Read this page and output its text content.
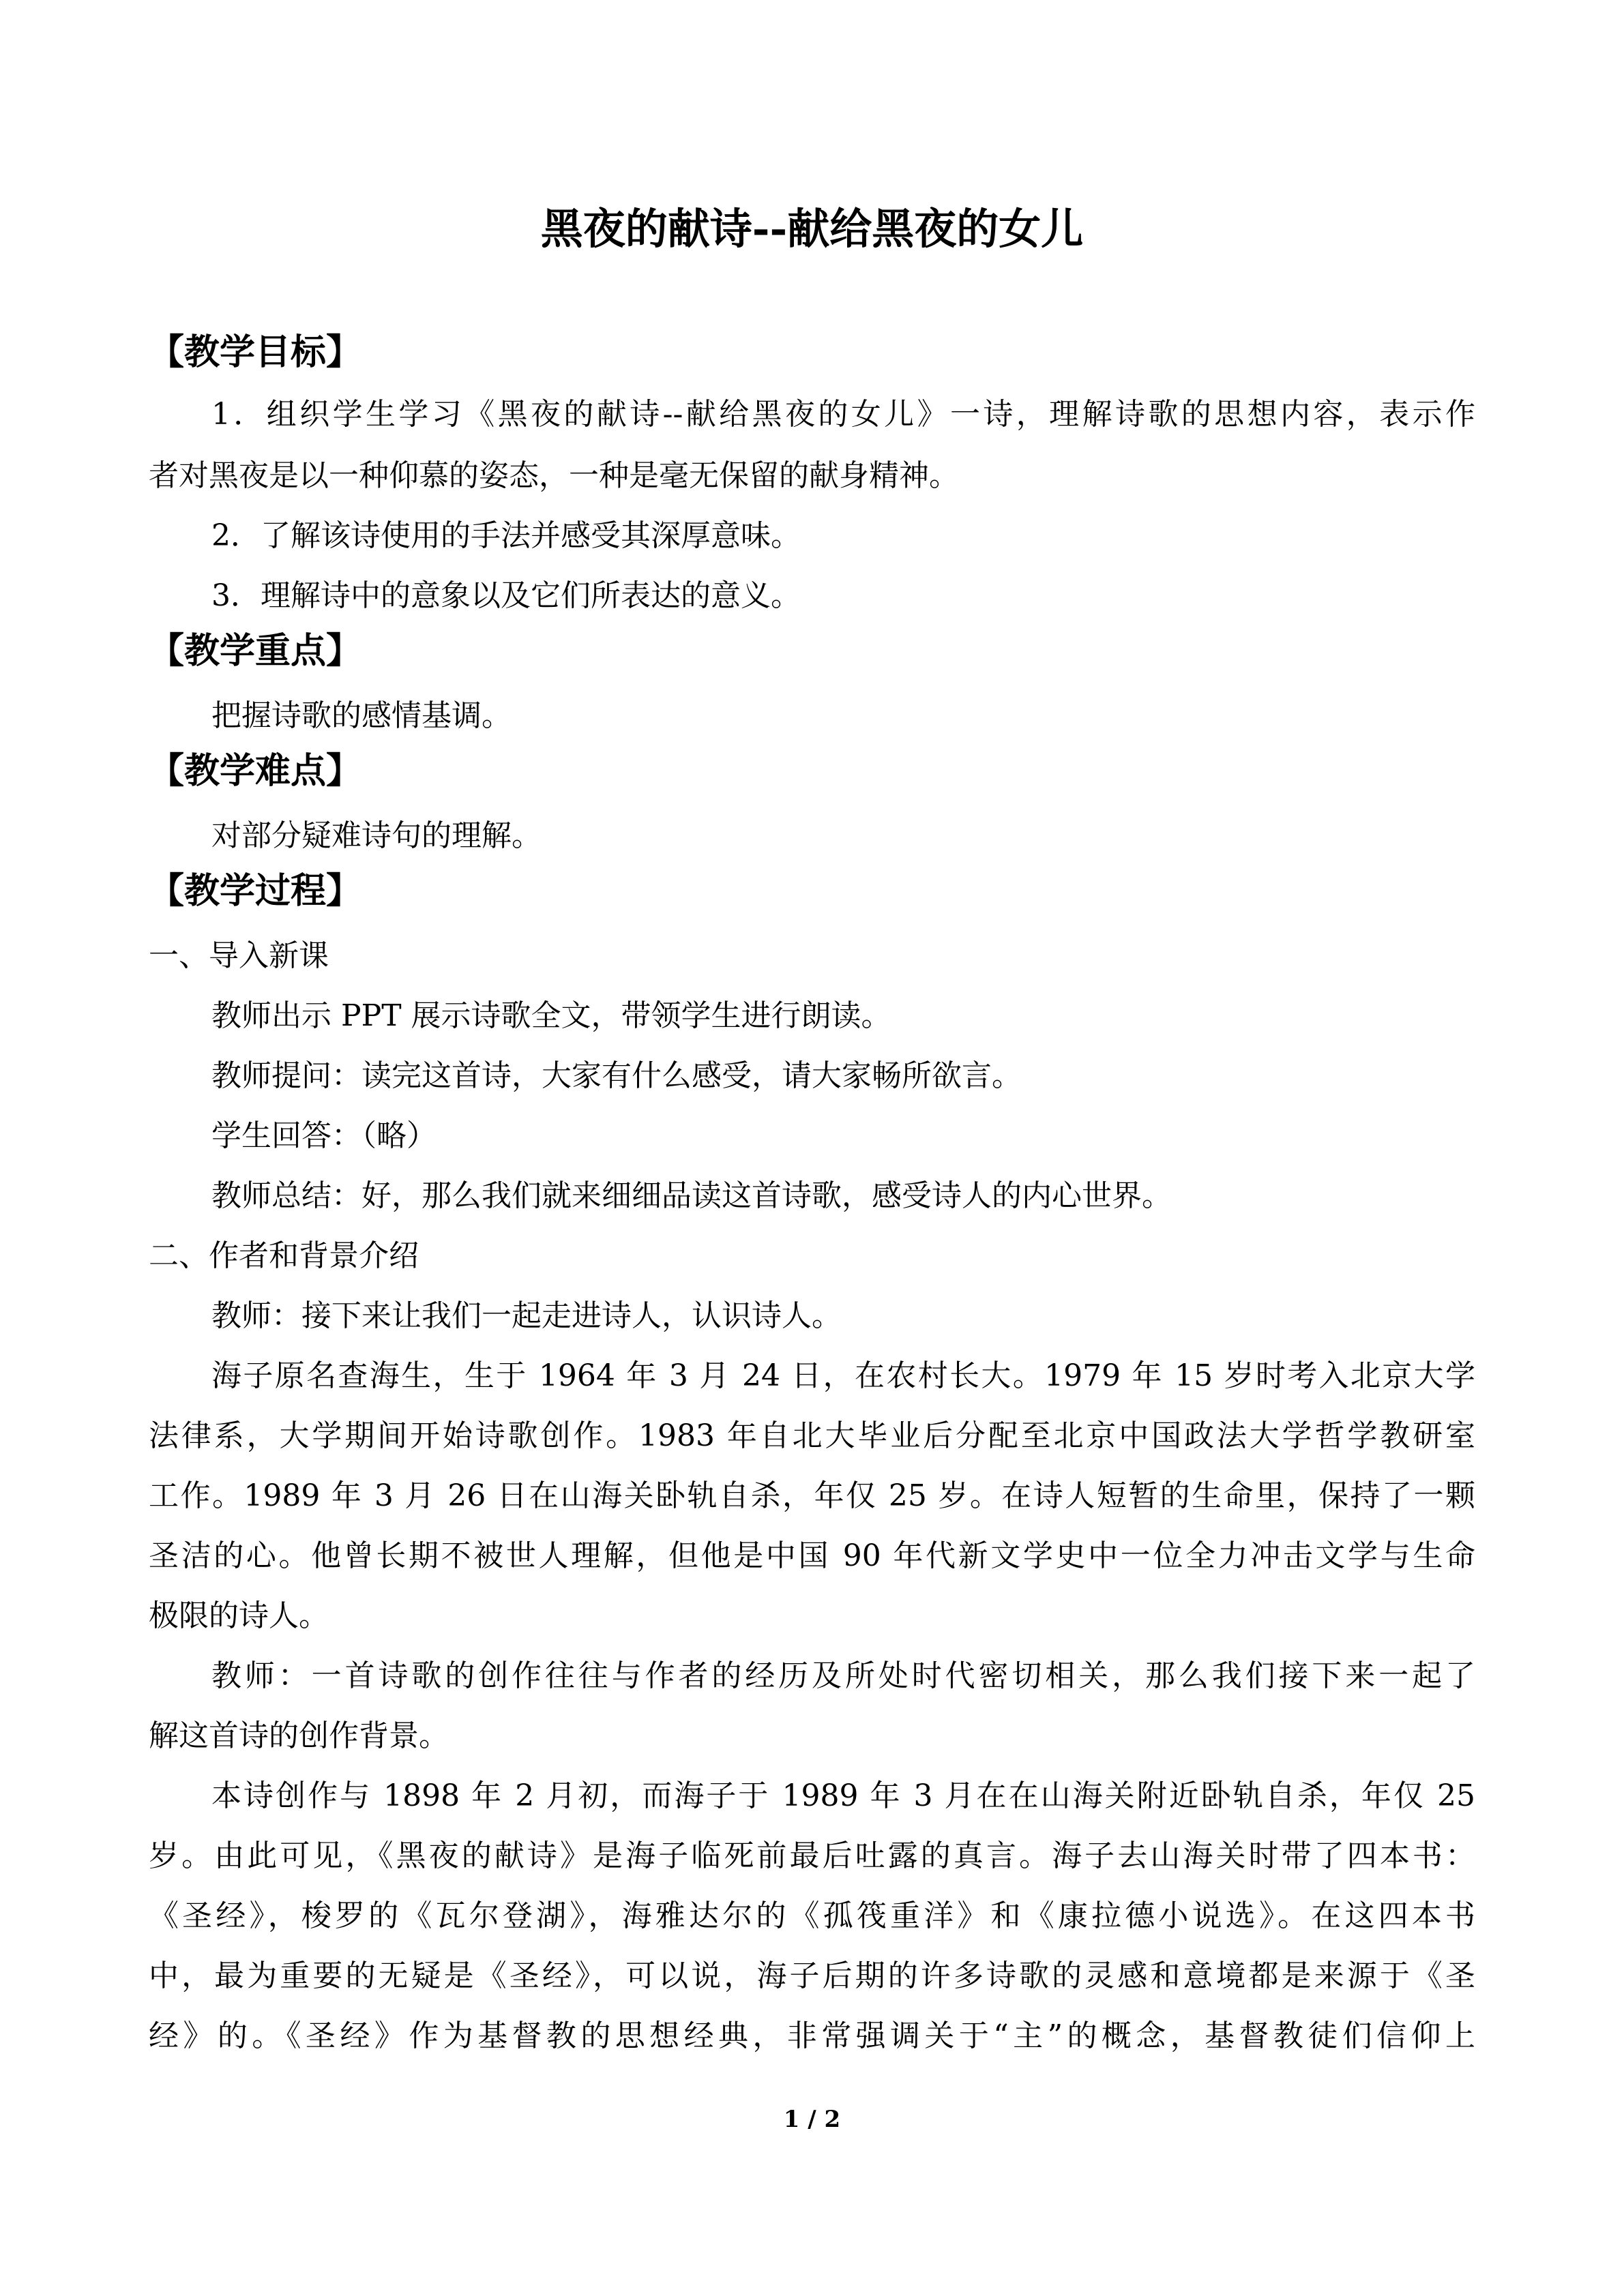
黑夜的献诗--献给黑夜的女儿
【教学目标】
1．组织学生学习《黑夜的献诗--献给黑夜的女儿》一诗，理解诗歌的思想内容，表示作
者对黑夜是以一种仰慕的姿态，一种是毫无保留的献身精神。
2．了解该诗使用的手法并感受其深厚意味。
3．理解诗中的意象以及它们所表达的意义。
【教学重点】
把握诗歌的感情基调。
【教学难点】
对部分疑难诗句的理解。
【教学过程】
一、导入新课
教师出示 PPT 展示诗歌全文，带领学生进行朗读。
教师提问：读完这首诗，大家有什么感受，请大家畅所欲言。
学生回答：（略）
教师总结：好，那么我们就来细细品读这首诗歌，感受诗人的内心世界。
二、作者和背景介绍
教师：接下来让我们一起走进诗人，认识诗人。
海子原名查海生，生于 1964 年 3 月 24 日，在农村长大。1979 年 15 岁时考入北京大学
法律系，大学期间开始诗歌创作。1983 年自北大毕业后分配至北京中国政法大学哲学教研室
工作。1989 年 3 月 26 日在山海关卧轨自杀，年仅 25 岁。在诗人短暂的生命里，保持了一颗
圣洁的心。他曾长期不被世人理解，但他是中国 90 年代新文学史中一位全力冲击文学与生命
极限的诗人。
教师：一首诗歌的创作往往与作者的经历及所处时代密切相关，那么我们接下来一起了
解这首诗的创作背景。
本诗创作与 1898 年 2 月初，而海子于 1989 年 3 月在在山海关附近卧轨自杀，年仅 25
岁。由此可见，《黑夜的献诗》是海子临死前最后吐露的真言。海子去山海关时带了四本书：
《圣经》，梭罗的《瓦尔登湖》，海雅达尔的《孤筏重洋》和《康拉德小说选》。在这四本书
中，最为重要的无疑是《圣经》，可以说，海子后期的许多诗歌的灵感和意境都是来源于《圣
经》的。《圣经》作为基督教的思想经典，非常强调关于“主”的概念，基督教徒们信仰上
1 / 2
